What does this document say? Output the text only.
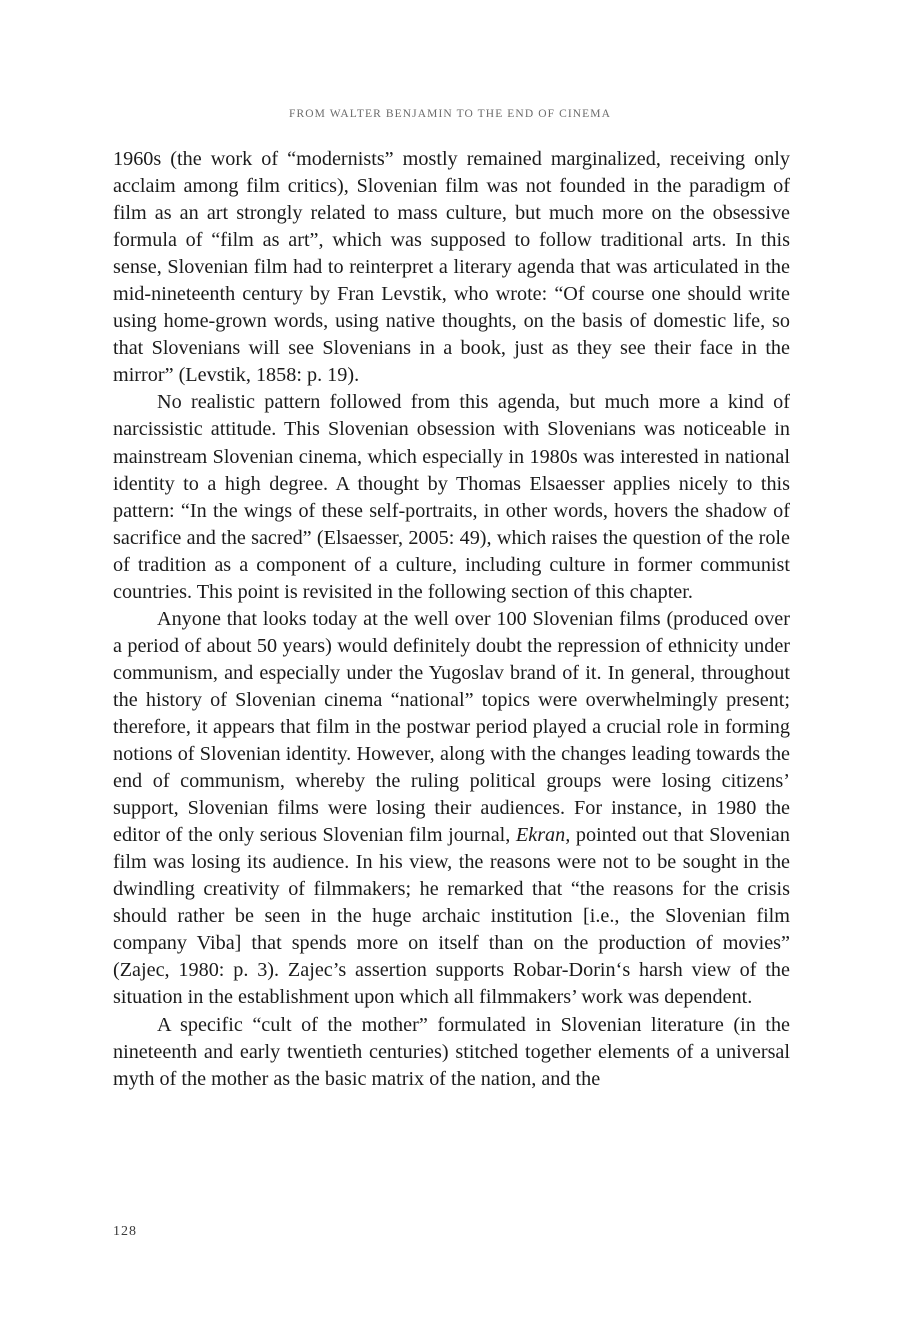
FROM WALTER BENJAMIN TO THE END OF CINEMA

1960s (the work of “modernists” mostly remained marginalized, receiving only acclaim among film critics), Slovenian film was not founded in the paradigm of film as an art strongly related to mass culture, but much more on the obsessive formula of “film as art”, which was supposed to follow traditional arts. In this sense, Slovenian film had to reinterpret a literary agenda that was articulated in the mid-nineteenth century by Fran Levstik, who wrote: “Of course one should write using home-grown words, using native thoughts, on the basis of domestic life, so that Slovenians will see Slovenians in a book, just as they see their face in the mirror” (Levstik, 1858: p. 19).

No realistic pattern followed from this agenda, but much more a kind of narcissistic attitude. This Slovenian obsession with Slovenians was noticeable in mainstream Slovenian cinema, which especially in 1980s was interested in national identity to a high degree. A thought by Thomas Elsaesser applies nicely to this pattern: “In the wings of these self-portraits, in other words, hovers the shadow of sacrifice and the sacred” (Elsaesser, 2005: 49), which raises the question of the role of tradition as a component of a culture, including culture in former communist countries. This point is revisited in the following section of this chapter.

Anyone that looks today at the well over 100 Slovenian films (produced over a period of about 50 years) would definitely doubt the repression of ethnicity under communism, and especially under the Yugoslav brand of it. In general, throughout the history of Slovenian cinema “national” topics were overwhelmingly present; therefore, it appears that film in the postwar period played a crucial role in forming notions of Slovenian identity. However, along with the changes leading towards the end of communism, whereby the ruling political groups were losing citizens’ support, Slovenian films were losing their audiences. For instance, in 1980 the editor of the only serious Slovenian film journal, Ekran, pointed out that Slovenian film was losing its audience. In his view, the reasons were not to be sought in the dwindling creativity of filmmakers; he remarked that “the reasons for the crisis should rather be seen in the huge archaic institution [i.e., the Slovenian film company Viba] that spends more on itself than on the production of movies” (Zajec, 1980: p. 3). Zajec’s assertion supports Robar-Dorin‘s harsh view of the situation in the establishment upon which all filmmakers’ work was dependent.

A specific “cult of the mother” formulated in Slovenian literature (in the nineteenth and early twentieth centuries) stitched together elements of a universal myth of the mother as the basic matrix of the nation, and the

128
